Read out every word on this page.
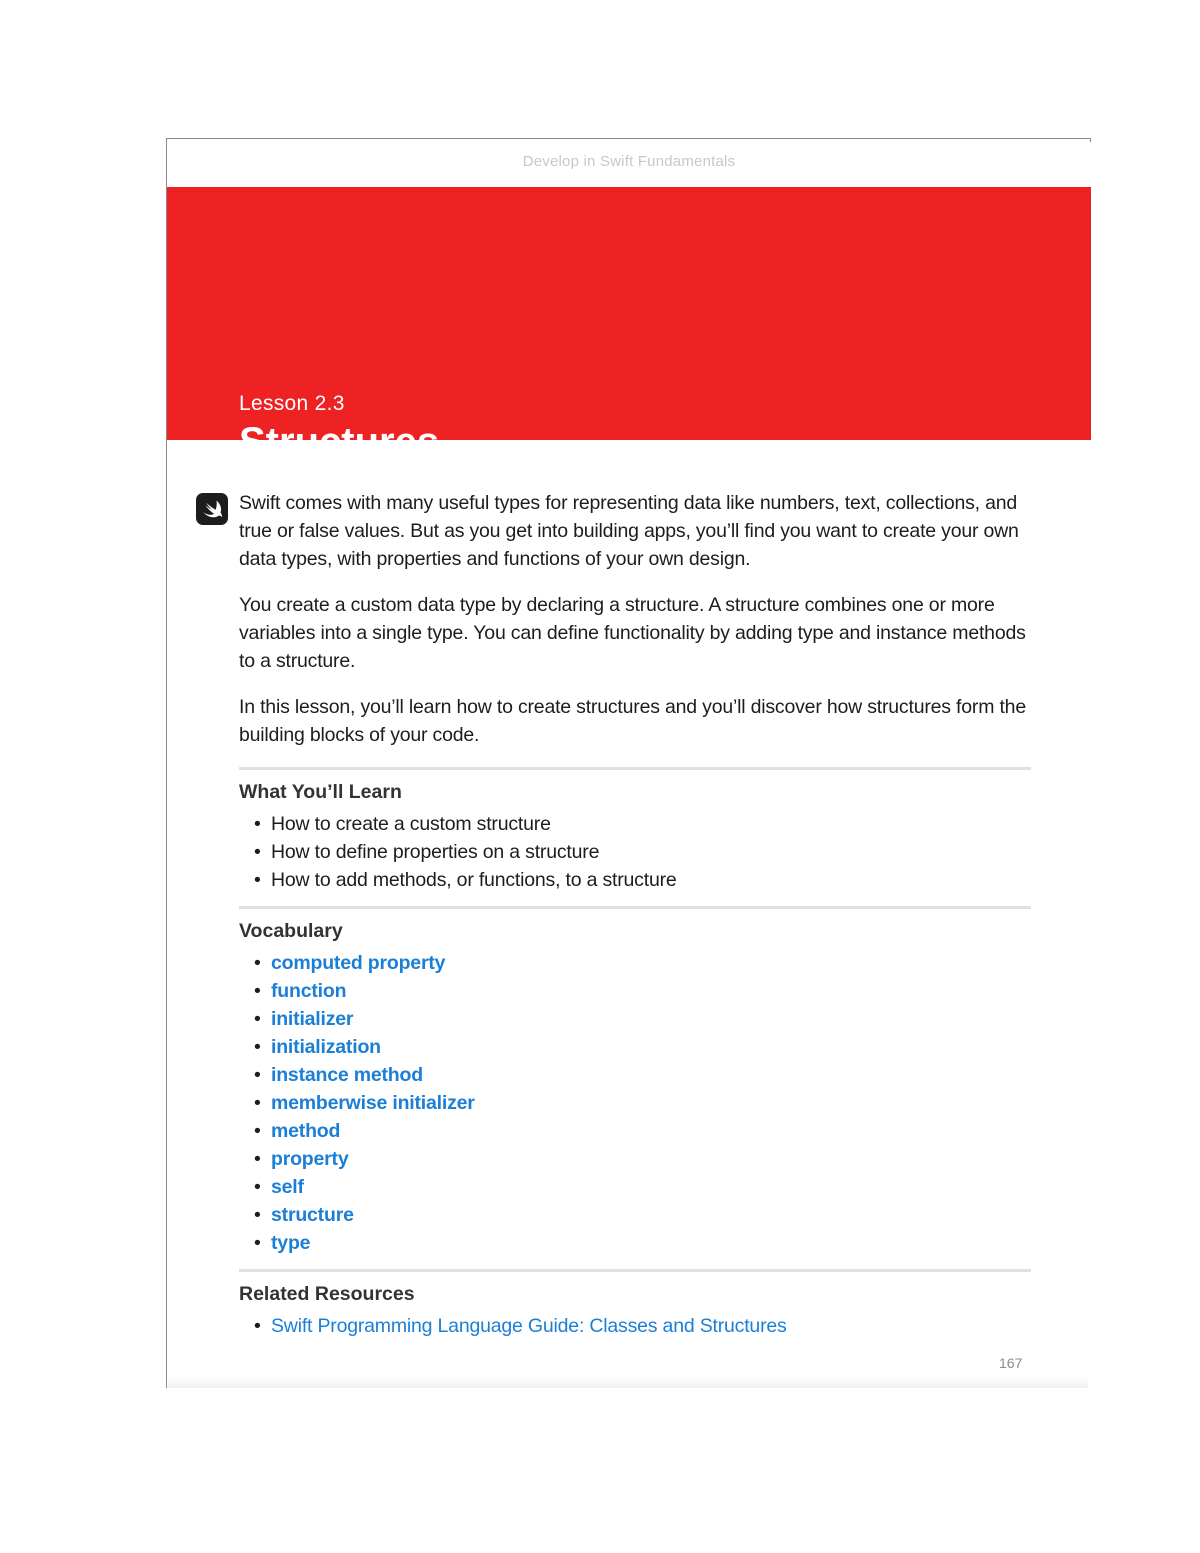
Develop in Swift Fundamentals
Lesson 2.3
Structures

Swift comes with many useful types for representing data like numbers, text, collections, and true or false values. But as you get into building apps, you’ll find you want to create your own data types, with properties and functions of your own design.

You create a custom data type by declaring a structure. A structure combines one or more variables into a single type. You can define functionality by adding type and instance methods to a structure.

In this lesson, you’ll learn how to create structures and you’ll discover how structures form the building blocks of your code.

What You’ll Learn
• How to create a custom structure
• How to define properties on a structure
• How to add methods, or functions, to a structure
Vocabulary
• computed property
• function
• initializer
• initialization
• instance method
• memberwise initializer
• method
• property
• self
• structure
• type
Related Resources
• Swift Programming Language Guide: Classes and Structures
167
